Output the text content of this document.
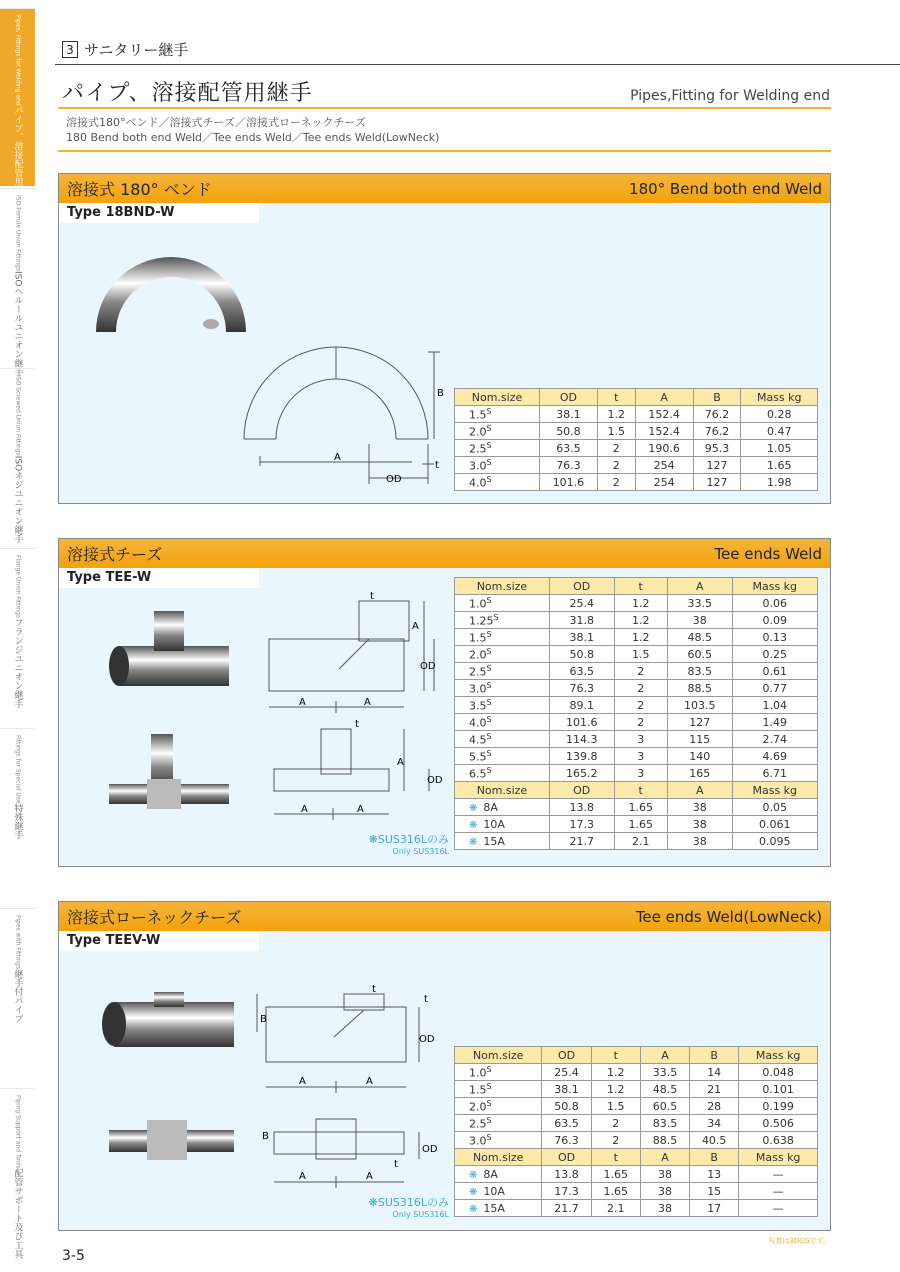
Pipes, Fittings for Welding endパイプ、溶接配管用継手
ISO Ferrule Union FittingsISOヘルールユニオン継手
ISO Screwed Union FittingsISOネジユニオン継手
Flange Union Fittingsフランジユニオン継手
Fittings for Special Use特殊継手
Pipes with Fittings継手付パイプ
Piping Support and Tools配管サポート及び工具
3 サニタリー継手
パイプ、溶接配管用継手	Pipes,Fitting for Welding end
溶接式180°ベンド／溶接式チーズ／溶接式ローネックチーズ
180 Bend both end Weld／Tee ends Weld／Tee ends Weld(LowNeck)
溶接式 180° ベンド	180° Bend both end Weld
Type 18BND-W
A
B
OD
t
Nom.size	OD	t	A	B	Mass kg
$1.5^S$	38.1	1.2	152.4	76.2	0.28
$2.0^S$	50.8	1.5	152.4	76.2	0.47
$2.5^S$	63.5	2	190.6	95.3	1.05
$3.0^S$	76.3	2	254	127	1.65
$4.0^S$	101.6	2	254	127	1.98
溶接式チーズ	Tee ends Weld
Type TEE-W
A	A
A
OD
t
A	A
A
OD
t
❋SUS316Lのみ
Only SUS316L
Nom.size	OD	t	A	Mass kg
$1.0^S$	25.4	1.2	33.5	0.06
$1.25^S$	31.8	1.2	38	0.09
$1.5^S$	38.1	1.2	48.5	0.13
$2.0^S$	50.8	1.5	60.5	0.25
$2.5^S$	63.5	2	83.5	0.61
$3.0^S$	76.3	2	88.5	0.77
$3.5^S$	89.1	2	103.5	1.04
$4.0^S$	101.6	2	127	1.49
$4.5^S$	114.3	3	115	2.74
$5.5^S$	139.8	3	140	4.69
$6.5^S$	165.2	3	165	6.71
Nom.size	OD	t	A	Mass kg
❋ 8A	13.8	1.65	38	0.05
❋ 10A	17.3	1.65	38	0.061
❋ 15A	21.7	2.1	38	0.095
溶接式ローネックチーズ	Tee ends Weld(LowNeck)
Type TEEV-W
A	A
B
OD
t
t
A	A
B
OD
t
❋SUS316Lのみ
Only SUS316L
Nom.size	OD	t	A	B	Mass kg
$1.0^S$	25.4	1.2	33.5	14	0.048
$1.5^S$	38.1	1.2	48.5	21	0.101
$2.0^S$	50.8	1.5	60.5	28	0.199
$2.5^S$	63.5	2	83.5	34	0.506
$3.0^S$	76.3	2	88.5	40.5	0.638
Nom.size	OD	t	A	B	Mass kg
❋ 8A	13.8	1.65	38	13	—
❋ 10A	17.3	1.65	38	15	—
❋ 15A	21.7	2.1	38	17	—
3-5
写真は3DCGです。
